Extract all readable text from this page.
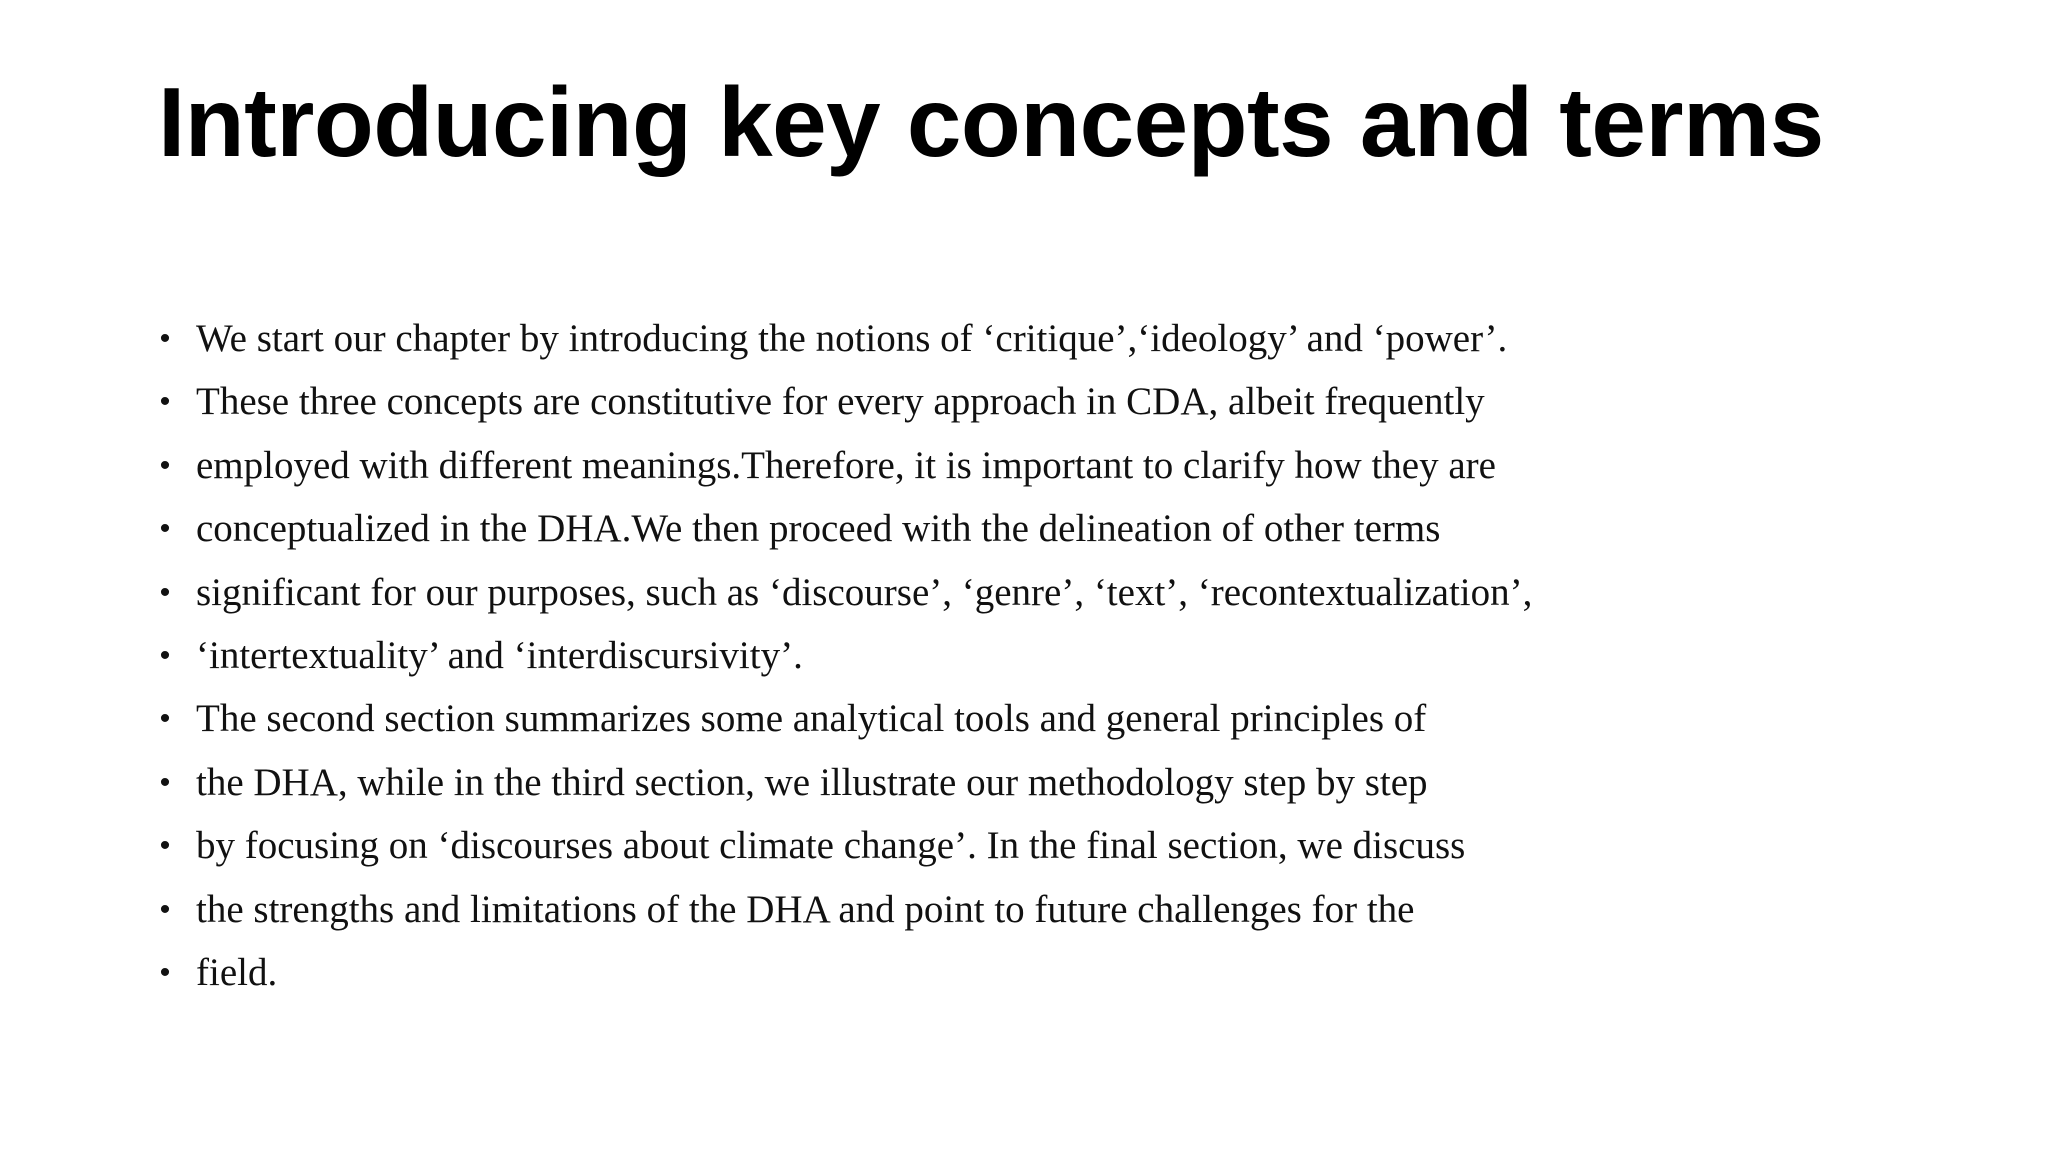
Introducing key concepts and terms
• We start our chapter by introducing the notions of ‘critique’,‘ideology’ and ‘power’.
• These three concepts are constitutive for every approach in CDA, albeit frequently
• employed with different meanings.Therefore, it is important to clarify how they are
• conceptualized in the DHA.We then proceed with the delineation of other terms
• significant for our purposes, such as ‘discourse’, ‘genre’, ‘text’, ‘recontextualization’,
• ‘intertextuality’ and ‘interdiscursivity’.
• The second section summarizes some analytical tools and general principles of
• the DHA, while in the third section, we illustrate our methodology step by step
• by focusing on ‘discourses about climate change’. In the final section, we discuss
• the strengths and limitations of the DHA and point to future challenges for the
• field.
